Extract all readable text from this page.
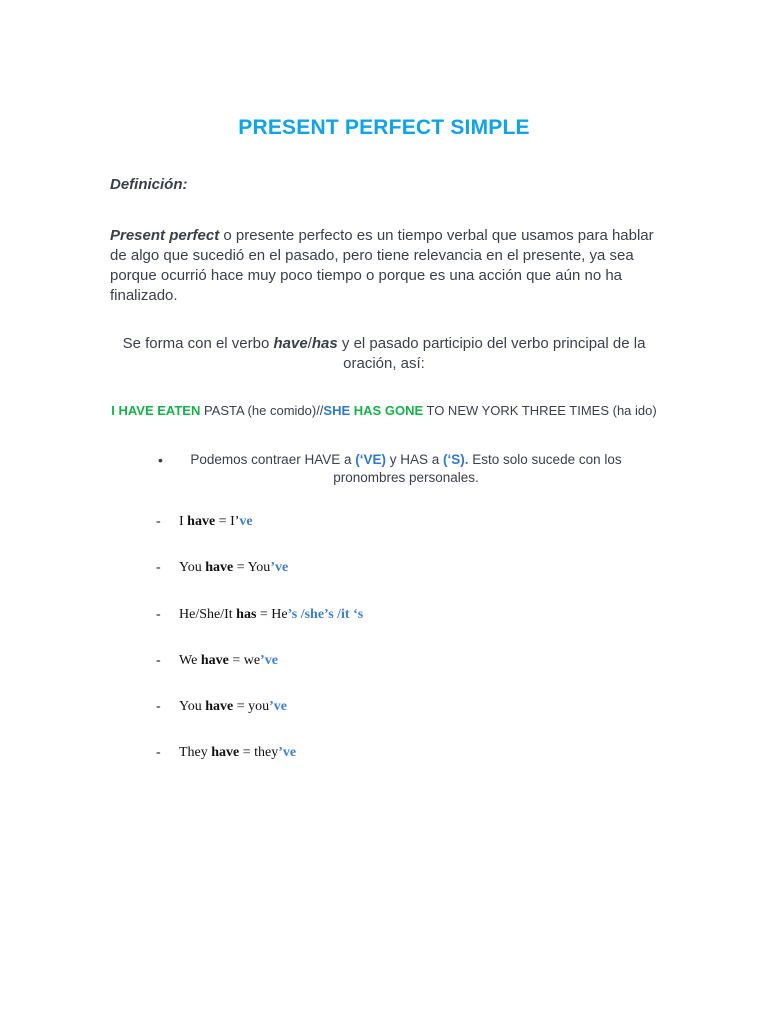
PRESENT PERFECT SIMPLE
Definición:
Present perfect o presente perfecto es un tiempo verbal que usamos para hablar de algo que sucedió en el pasado, pero tiene relevancia en el presente, ya sea porque ocurrió hace muy poco tiempo o porque es una acción que aún no ha finalizado.
Se forma con el verbo have/has y el pasado participio del verbo principal de la oración, así:
I HAVE EATEN PASTA (he comido)//SHE HAS GONE TO NEW YORK THREE TIMES (ha ido)
•	Podemos contraer HAVE a (‘VE) y HAS a (‘S). Esto solo sucede con los pronombres personales.
- I have = I’ve
- You have = You’ve
- He/She/It has = He’s /she’s /it ‘s
- We have = we’ve
- You have = you’ve
- They have = they’ve
